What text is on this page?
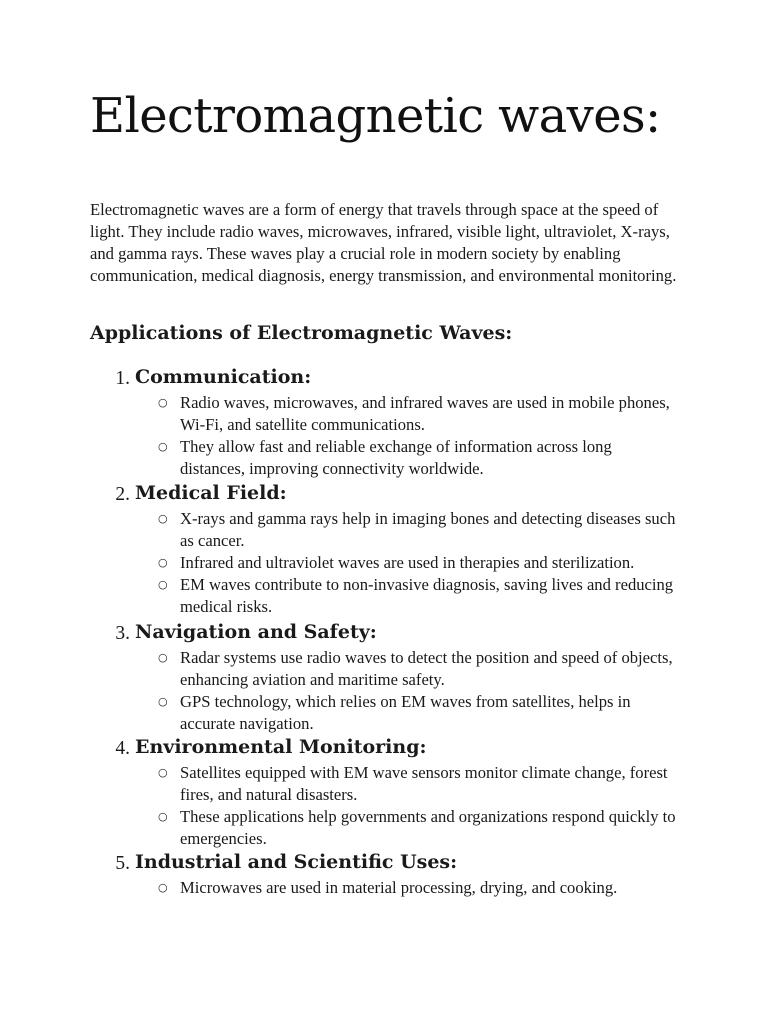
Electromagnetic waves:

Electromagnetic waves are a form of energy that travels through space at the speed of light. They include radio waves, microwaves, infrared, visible light, ultraviolet, X-rays, and gamma rays. These waves play a crucial role in modern society by enabling communication, medical diagnosis, energy transmission, and environmental monitoring.

Applications of Electromagnetic Waves:
1. Communication:
○ Radio waves, microwaves, and infrared waves are used in mobile phones, Wi-Fi, and satellite communications.
○ They allow fast and reliable exchange of information across long distances, improving connectivity worldwide.
2. Medical Field:
○ X-rays and gamma rays help in imaging bones and detecting diseases such as cancer.
○ Infrared and ultraviolet waves are used in therapies and sterilization.
○ EM waves contribute to non-invasive diagnosis, saving lives and reducing medical risks.
3. Navigation and Safety:
○ Radar systems use radio waves to detect the position and speed of objects, enhancing aviation and maritime safety.
○ GPS technology, which relies on EM waves from satellites, helps in accurate navigation.
4. Environmental Monitoring:
○ Satellites equipped with EM wave sensors monitor climate change, forest fires, and natural disasters.
○ These applications help governments and organizations respond quickly to emergencies.
5. Industrial and Scientific Uses:
○ Microwaves are used in material processing, drying, and cooking.
